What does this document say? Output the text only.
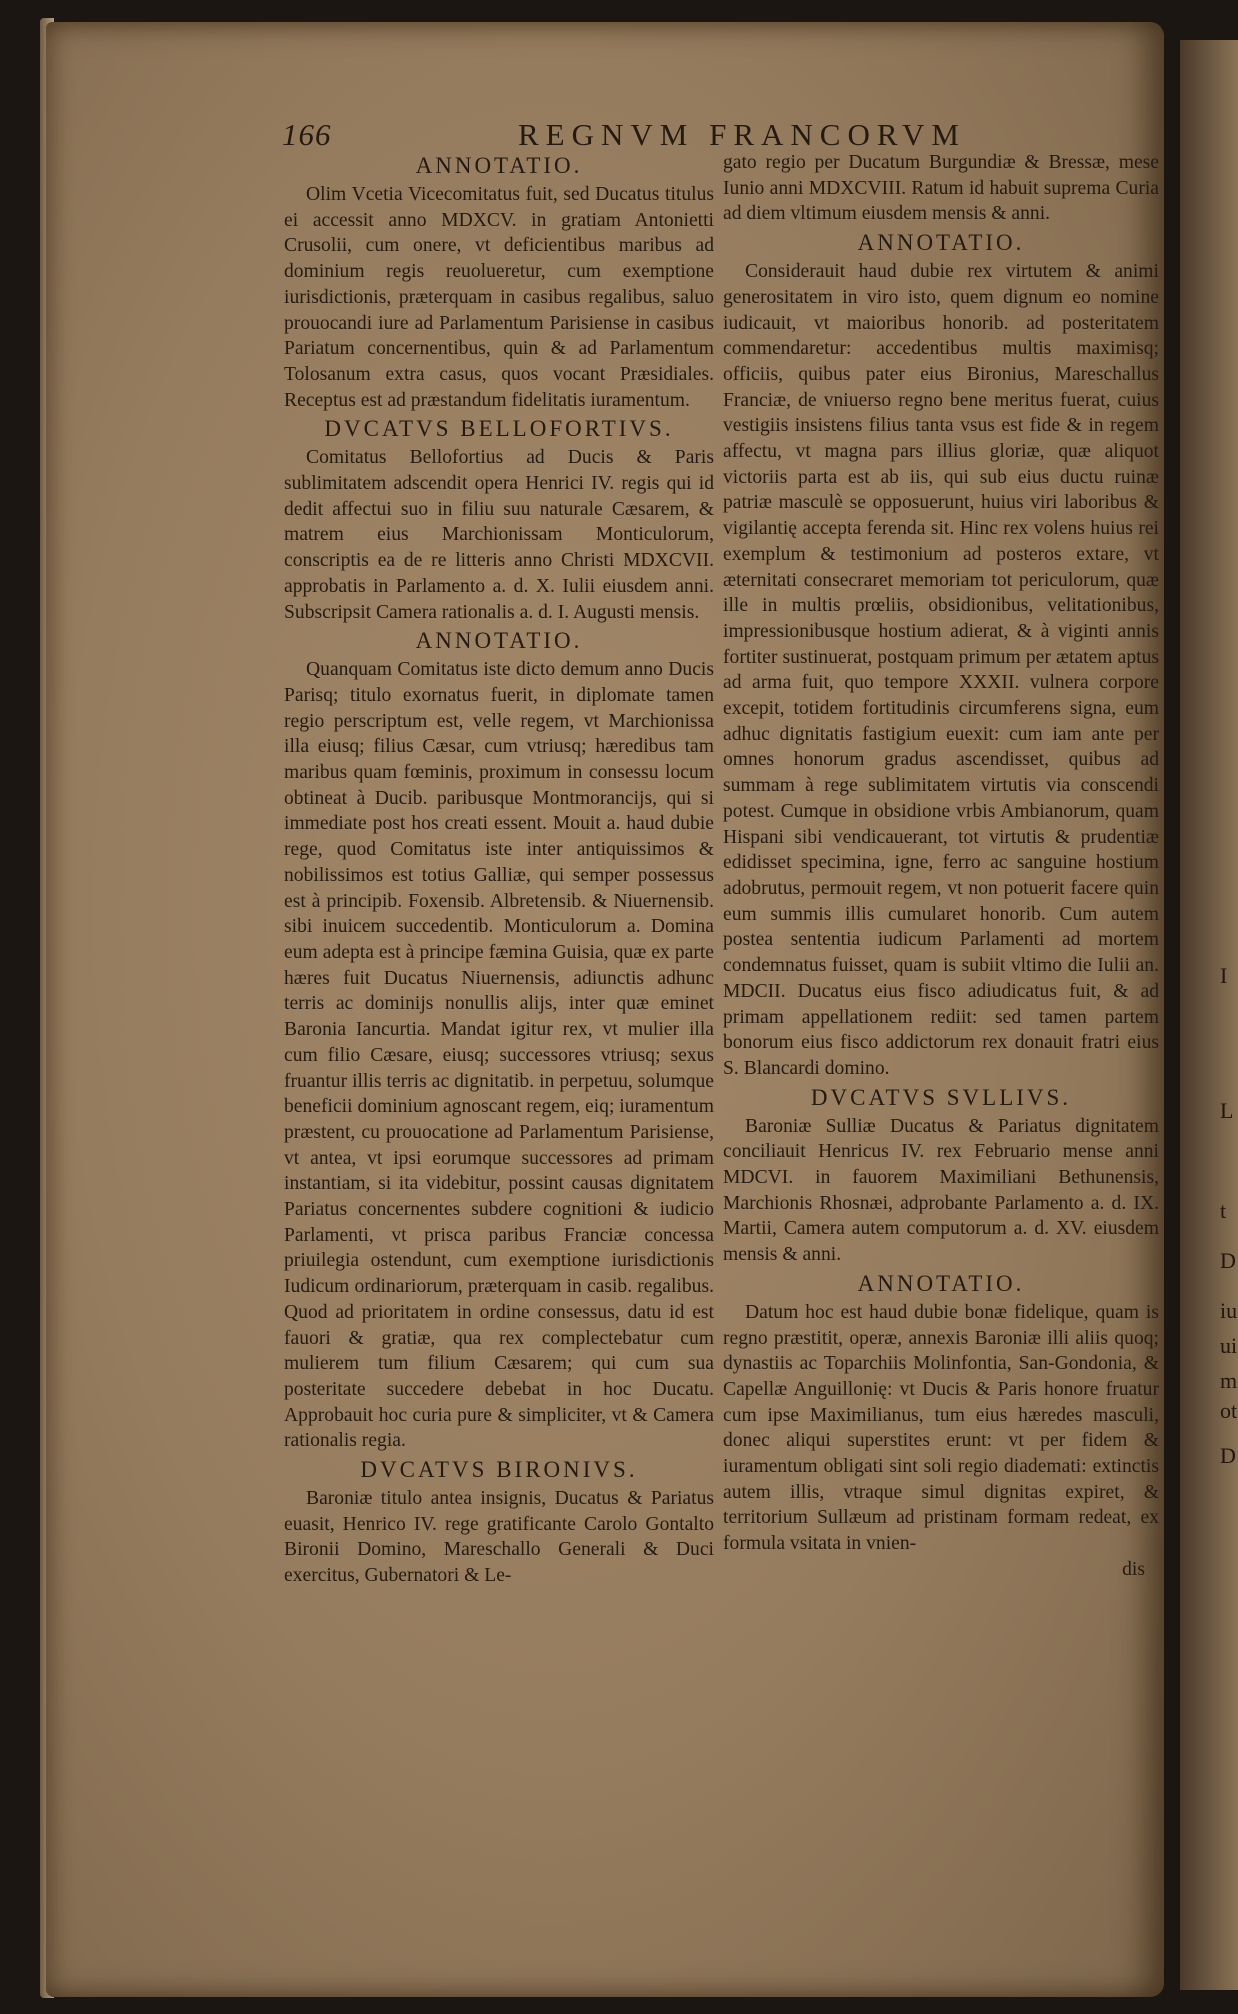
I
L
t
D
iu
ui
m
ot
D
166	REGNVM FRANCORVM
ANNOTATIO.

Olim Vcetia Vicecomitatus fuit, sed Ducatus titulus ei accessit anno MDXCV. in gratiam Antonietti Crusolii, cum onere, vt deficientibus maribus ad dominium regis reuolueretur, cum exemptione iurisdictionis, præterquam in casibus regalibus, saluo prouocandi iure ad Parlamentum Parisiense in casibus Pariatum concernentibus, quin & ad Parlamentum Tolosanum extra casus, quos vocant Præsidiales. Receptus est ad præstandum fidelitatis iuramentum.

DVCATVS BELLOFORTIVS.

Comitatus Bellofortius ad Ducis & Paris sublimitatem adscendit opera Henrici IV. regis qui id dedit affectui suo in filiu suu naturale Cæsarem, & matrem eius Marchionissam Monticulorum, conscriptis ea de re litteris anno Christi MDXCVII. approbatis in Parlamento a. d. X. Iulii eiusdem anni. Subscripsit Camera rationalis a. d. I. Augusti mensis.

ANNOTATIO.

Quanquam Comitatus iste dicto demum anno Ducis Parisq; titulo exornatus fuerit, in diplomate tamen regio perscriptum est, velle regem, vt Marchionissa illa eiusq; filius Cæsar, cum vtriusq; hæredibus tam maribus quam fœminis, proximum in consessu locum obtineat à Ducib. paribusque Montmorancijs, qui si immediate post hos creati essent. Mouit a. haud dubie rege, quod Comitatus iste inter antiquissimos & nobilissimos est totius Galliæ, qui semper possessus est à principib. Foxensib. Albretensib. & Niuernensib. sibi inuicem succedentib. Monticulorum a. Domina eum adepta est à principe fæmina Guisia, quæ ex parte hæres fuit Ducatus Niuernensis, adiunctis adhunc terris ac dominijs nonullis alijs, inter quæ eminet Baronia Iancurtia. Mandat igitur rex, vt mulier illa cum filio Cæsare, eiusq; successores vtriusq; sexus fruantur illis terris ac dignitatib. in perpetuu, solumque beneficii dominium agnoscant regem, eiq; iuramentum præstent, cu prouocatione ad Parlamentum Parisiense, vt antea, vt ipsi eorumque successores ad primam instantiam, si ita videbitur, possint causas dignitatem Pariatus concernentes subdere cognitioni & iudicio Parlamenti, vt prisca paribus Franciæ concessa priuilegia ostendunt, cum exemptione iurisdictionis Iudicum ordinariorum, præterquam in casib. regalibus. Quod ad prioritatem in ordine consessus, datu id est fauori & gratiæ, qua rex complectebatur cum mulierem tum filium Cæsarem; qui cum sua posteritate succedere debebat in hoc Ducatu. Approbauit hoc curia pure & simpliciter, vt & Camera rationalis regia.

DVCATVS BIRONIVS.

Baroniæ titulo antea insignis, Ducatus & Pariatus euasit, Henrico IV. rege gratificante Carolo Gontalto Bironii Domino, Mareschallo Generali & Duci exercitus, Gubernatori & Le-

gato regio per Ducatum Burgundiæ & Bressæ, mese Iunio anni MDXCVIII. Ratum id habuit suprema Curia ad diem vltimum eiusdem mensis & anni.

ANNOTATIO.

Considerauit haud dubie rex virtutem & animi generositatem in viro isto, quem dignum eo nomine iudicauit, vt maioribus honorib. ad posteritatem commendaretur: accedentibus multis maximisq; officiis, quibus pater eius Bironius, Mareschallus Franciæ, de vniuerso regno bene meritus fuerat, cuius vestigiis insistens filius tanta vsus est fide & in regem affectu, vt magna pars illius gloriæ, quæ aliquot victoriis parta est ab iis, qui sub eius ductu ruinæ patriæ masculè se opposuerunt, huius viri laboribus & vigilantię accepta ferenda sit. Hinc rex volens huius rei exemplum & testimonium ad posteros extare, vt æternitati consecraret memoriam tot periculorum, quæ ille in multis prœliis, obsidionibus, velitationibus, impressionibusque hostium adierat, & à viginti annis fortiter sustinuerat, postquam primum per ætatem aptus ad arma fuit, quo tempore XXXII. vulnera corpore excepit, totidem fortitudinis circumferens signa, eum adhuc dignitatis fastigium euexit: cum iam ante per omnes honorum gradus ascendisset, quibus ad summam à rege sublimitatem virtutis via conscendi potest. Cumque in obsidione vrbis Ambianorum, quam Hispani sibi vendicauerant, tot virtutis & prudentiæ edidisset specimina, igne, ferro ac sanguine hostium adobrutus, permouit regem, vt non potuerit facere quin eum summis illis cumularet honorib. Cum autem postea sententia iudicum Parlamenti ad mortem condemnatus fuisset, quam is subiit vltimo die Iulii an. MDCII. Ducatus eius fisco adiudicatus fuit, & ad primam appellationem rediit: sed tamen partem bonorum eius fisco addictorum rex donauit fratri eius S. Blancardi domino.

DVCATVS SVLLIVS.

Baroniæ Sulliæ Ducatus & Pariatus dignitatem conciliauit Henricus IV. rex Februario mense anni MDCVI. in fauorem Maximiliani Bethunensis, Marchionis Rhosnæi, adprobante Parlamento a. d. IX. Martii, Camera autem computorum a. d. XV. eiusdem mensis & anni.

ANNOTATIO.

Datum hoc est haud dubie bonæ fidelique, quam is regno præstitit, operæ, annexis Baroniæ illi aliis quoq; dynastiis ac Toparchiis Molinfontia, San-Gondonia, & Capellæ Anguillonię: vt Ducis & Paris honore fruatur cum ipse Maximilianus, tum eius hæredes masculi, donec aliqui superstites erunt: vt per fidem & iuramentum obligati sint soli regio diademati: extinctis autem illis, vtraque simul dignitas expiret, & territorium Sullæum ad pristinam formam redeat, ex formula vsitata in vnien-

dis
